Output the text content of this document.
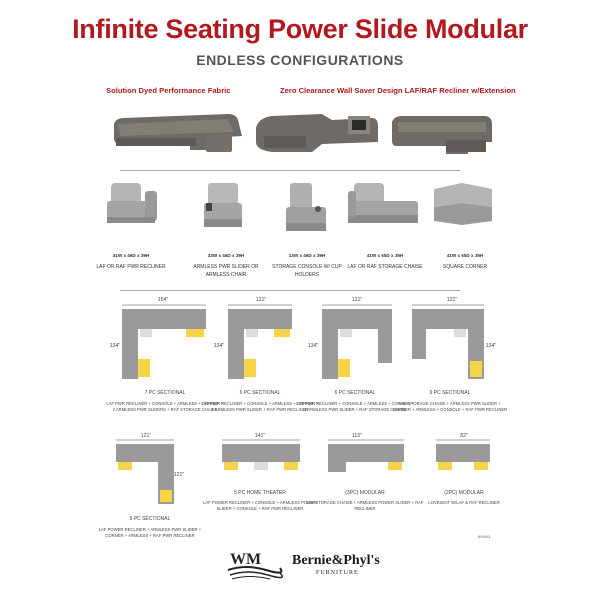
Infinite Seating Power Slide Modular
ENDLESS CONFIGURATIONS
Solution Dyed Performance Fabric	Zero Clearance Wall Saver Design LAF/RAF Recliner w/Extension
41W x 46D x 39H
LAF OR RAF PWR RECLINER
33W x 46D x 39H
ARMLESS PWR SLIDER OR ARMLESS CHAIR
13W x 46D x 39H
STORAGE CONSOLE W/ CUP HOLDERS
41W x 65D x 39H
LAF OR RAF STORAGE CHAISE
41W x 65D x 39H
SQUARE CORNER
154"
134"
7 PC SECTIONAL
LAF PWR RECLINER + CONSOLE + ARMLESS + CORNER + 2 ARMLESS PWR SLIDERS + RAF STORAGE CHAISE
121"
134"
6 PC SECTIONAL
LAF PWR RECLINER + CONSOLE + ARMLESS + CORNER + 1 ARMLESS PWR SLIDER + RAF PWR RECLINER
121"
134"
6 PC SECTIONAL
LAF PWR RECLINER + CONSOLE + ARMLESS + CORNER + 1 ARMLESS PWR SLIDER + RAF STORAGE CHAISE
121"
134"
6 PC SECTIONAL
LAF STORAGE CHAISE + ARMLESS PWR SLIDER + CORNER + ARMLESS + CONSOLE + RAF PWR RECLINER
121"
121"
5 PC SECTIONAL
LAF POWER RECLINER + ARMLESS PWR SLIDER + CORNER + ARMLESS + RAF PWR RECLINER
141"
5 PC HOME THEATER
LAF POWER RECLINER + CONSOLE + ARMLESS POWER SLIDER + CONSOLE + RAF PWR RECLINER
115"
(3PC) MODULAR
LAF STORAGE CHAISE + ARMLESS POWER SLIDER + RAF RECLINER
82"
(2PC) MODULAR
LOVESEAT W/LAF & RAF RECLINER
8055/3
WM Bernie&Phyl's
FURNITURE
